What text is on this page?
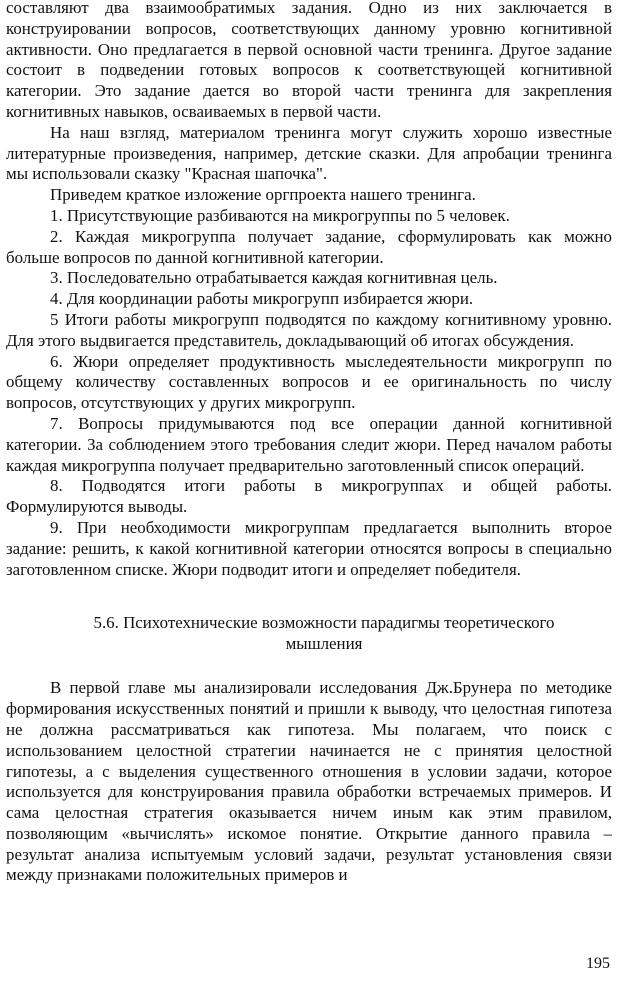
составляют два взаимообратимых задания. Одно из них заключается в конструировании вопросов, соответствующих данному уровню когнитивной активности. Оно предлагается в первой основной части тренинга. Другое задание состоит в подведении готовых вопросов к соответствующей когнитивной категории. Это задание дается во второй части тренинга для закрепления когнитивных навыков, осваиваемых в первой части.

На наш взгляд, материалом тренинга могут служить хорошо известные литературные произведения, например, детские сказки. Для апробации тренинга мы использовали сказку "Красная шапочка".

Приведем краткое изложение оргпроекта нашего тренинга.

1. Присутствующие разбиваются на микрогруппы по 5 человек.

2. Каждая микрогруппа получает задание, сформулировать как можно больше вопросов по данной когнитивной категории.

3. Последовательно отрабатывается каждая когнитивная цель.

4. Для координации работы микрогрупп избирается жюри.

5 Итоги работы микрогрупп подводятся по каждому когнитивному уровню. Для этого выдвигается представитель, докладывающий об итогах обсуждения.

6. Жюри определяет продуктивность мыследеятельности микрогрупп по общему количеству составленных вопросов и ее оригинальность по числу вопросов, отсутствующих у других микрогрупп.

7. Вопросы придумываются под все операции данной когнитивной категории. За соблюдением этого требования следит жюри. Перед началом работы каждая микрогруппа получает предварительно заготовленный список операций.

8. Подводятся итоги работы в микрогруппах и общей работы. Формулируются выводы.

9. При необходимости микрогруппам предлагается выполнить второе задание: решить, к какой когнитивной категории относятся вопросы в специально заготовленном списке. Жюри подводит итоги и определяет победителя.

5.6. Психотехнические возможности парадигмы теоретического
мышления

В первой главе мы анализировали исследования Дж.Брунера по методике формирования искусственных понятий и пришли к выводу, что целостная гипотеза не должна рассматриваться как гипотеза. Мы полагаем, что поиск с использованием целостной стратегии начинается не с принятия целостной гипотезы, а с выделения существенного отношения в условии задачи, которое используется для конструирования правила обработки встречаемых примеров. И сама целостная стратегия оказывается ничем иным как этим правилом, позволяющим «вычислять» искомое понятие. Открытие данного правила – результат анализа испытуемым условий задачи, результат установления связи между признаками положительных примеров и

195
